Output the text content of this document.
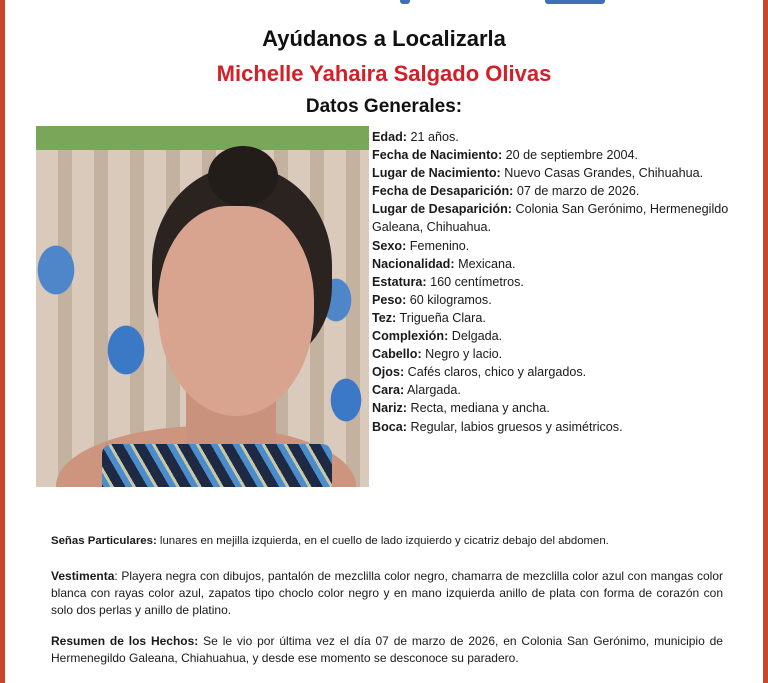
Ayúdanos a Localizarla
Michelle Yahaira Salgado Olivas
Datos Generales:
Edad: 21 años.
Fecha de Nacimiento: 20 de septiembre 2004.
Lugar de Nacimiento: Nuevo Casas Grandes, Chihuahua.
Fecha de Desaparición: 07 de marzo de 2026.
Lugar de Desaparición: Colonia San Gerónimo, Hermenegildo Galeana, Chihuahua.
Sexo: Femenino.
Nacionalidad: Mexicana.
Estatura: 160 centímetros.
Peso: 60 kilogramos.
Tez: Trigueña Clara.
Complexión: Delgada.
Cabello: Negro y lacio.
Ojos: Cafés claros, chico y alargados.
Cara: Alargada.
Nariz: Recta, mediana y ancha.
Boca: Regular, labios gruesos y asimétricos.
Señas Particulares: lunares en mejilla izquierda, en el cuello de lado izquierdo y cicatriz debajo del abdomen.
Vestimenta: Playera negra con dibujos, pantalón de mezclilla color negro, chamarra de mezclilla color azul con mangas color blanca con rayas color azul, zapatos tipo choclo color negro y en mano izquierda anillo de plata con forma de corazón con solo dos perlas y anillo de platino.
Resumen de los Hechos: Se le vio por última vez el día 07 de marzo de 2026, en Colonia San Gerónimo, municipio de Hermenegildo Galeana, Chiahuahua, y desde ese momento se desconoce su paradero.
